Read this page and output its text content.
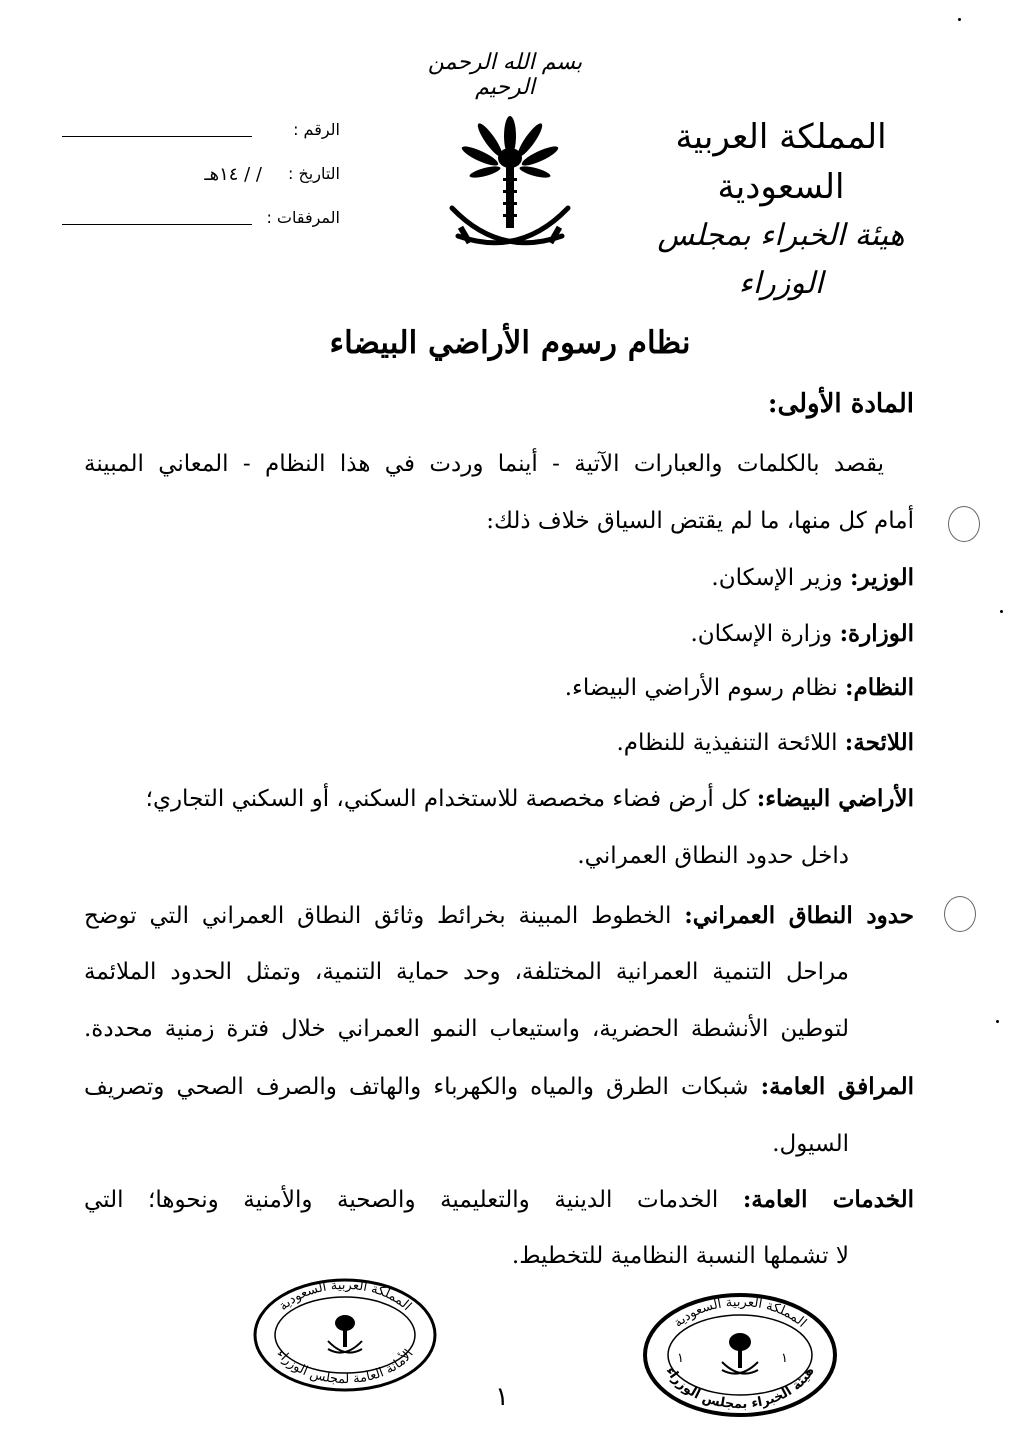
بسم الله الرحمن الرحيم
المملكة العربية السعودية
هيئة الخبراء بمجلس الوزراء
الرقم :
التاريخ :
/ / ١٤هـ
المرفقات :
نظام رسوم الأراضي البيضاء
المادة الأولى:
يقصد بالكلمات والعبارات الآتية - أينما وردت في هذا النظام - المعاني المبينة
أمام كل منها، ما لم يقتض السياق خلاف ذلك:
الوزير: وزير الإسكان.
الوزارة: وزارة الإسكان.
النظام: نظام رسوم الأراضي البيضاء.
اللائحة: اللائحة التنفيذية للنظام.
الأراضي البيضاء: كل أرض فضاء مخصصة للاستخدام السكني، أو السكني التجاري؛
داخل حدود النطاق العمراني.
حدود النطاق العمراني: الخطوط المبينة بخرائط وثائق النطاق العمراني التي توضح
مراحل التنمية العمرانية المختلفة، وحد حماية التنمية، وتمثل الحدود الملائمة
لتوطين الأنشطة الحضرية، واستيعاب النمو العمراني خلال فترة زمنية محددة.
المرافق العامة: شبكات الطرق والمياه والكهرباء والهاتف والصرف الصحي وتصريف
السيول.
الخدمات العامة: الخدمات الدينية والتعليمية والصحية والأمنية ونحوها؛ التي
لا تشملها النسبة النظامية للتخطيط.
المملكة العربية السعودية
الأمانة العامة لمجلس الوزراء
المملكة العربية السعودية
هيئة الخبراء بمجلس الوزراء
١	١
١
